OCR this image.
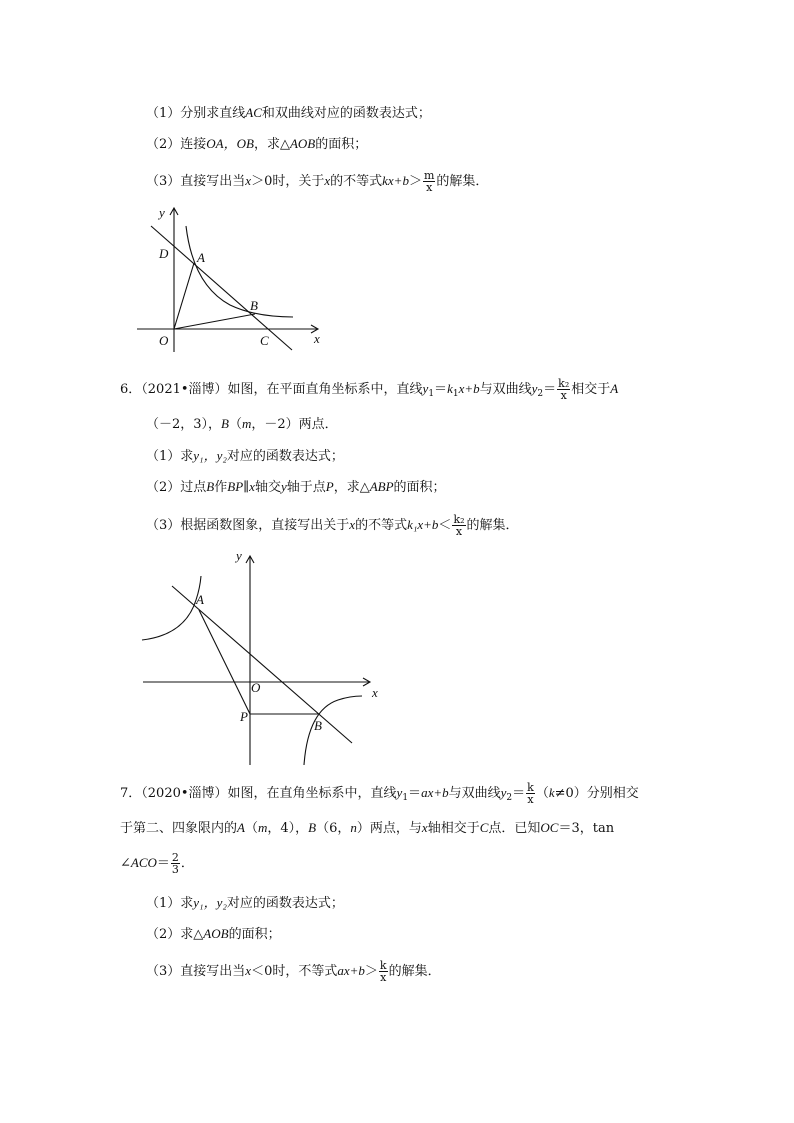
（1）分别求直线AC和双曲线对应的函数表达式；
（2）连接OA，OB，求△AOB的面积；
（3）直接写出当x＞0时，关于x的不等式$kx+b> \frac{m}{x}$ 的解集．
y
D A
B
O	C	x
y
A
O	x
P
B
6．（2021•淄博）如图，在平面直角坐标系中，直线$y_1=k_1x+b$与双曲线$y_2= \frac{\text{k₂}}{x}$ 相交于A
（－2，3），B（m，－2）两点．
（1）求y₁，y₂对应的函数表达式；
（2）过点B作BP∥x轴交y轴于点P，求△ABP的面积；
（3）根据函数图象，直接写出关于x的不等式$k_1x+b< \frac{\text{k₂}}{x}$ 的解集．
7．（2020•淄博）如图，在直角坐标系中，直线$y_1=ax+b$与双曲线$y_2= \frac{k}{x} (k\ne 0)$分别相交
于第二、四象限内的A（m，4），B（6，n）两点，与x轴相交于C点．已知OC＝3，tan
∠ACO＝ $\frac{2}{3}$ ．
（1）求y₁，y₂对应的函数表达式；
（2）求△AOB的面积；
（3）直接写出当x＜0时，不等式$ax+b> \frac{k}{x}$ 的解集．
